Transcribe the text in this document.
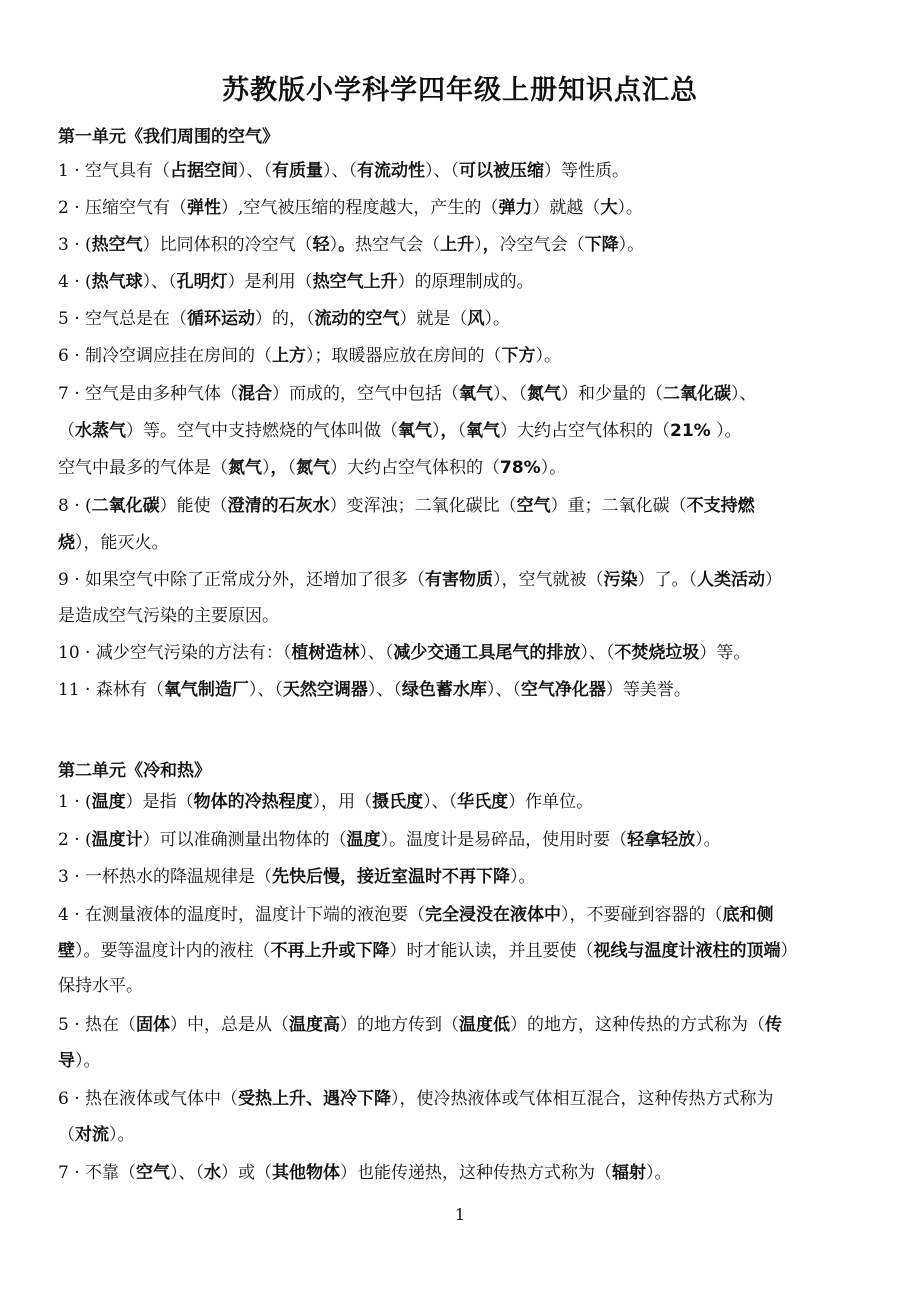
苏教版小学科学四年级上册知识点汇总
第一单元《我们周围的空气》
1 · 空气具有（占据空间）、（有质量）、（有流动性）、（可以被压缩）等性质。
2 · 压缩空气有（弹性）,空气被压缩的程度越大，产生的（弹力）就越（大）。
3 · (热空气）比同体积的冷空气（轻）。热空气会（上升），冷空气会（下降）。
4 · (热气球）、（孔明灯）是利用（热空气上升）的原理制成的。
5 · 空气总是在（循环运动）的，（流动的空气）就是（风）。
6 · 制冷空调应挂在房间的（上方）；取暖器应放在房间的（下方）。
7 · 空气是由多种气体（混合）而成的，空气中包括（氧气）、（氮气）和少量的（二氧化碳）、
（水蒸气）等。空气中支持燃烧的气体叫做（氧气），（氧气）大约占空气体积的（21% ）。
空气中最多的气体是（氮气），（氮气）大约占空气体积的（78%）。
8 · (二氧化碳）能使（澄清的石灰水）变浑浊；二氧化碳比（空气）重；二氧化碳（不支持燃
烧），能灭火。
9 · 如果空气中除了正常成分外，还增加了很多（有害物质），空气就被（污染）了。（人类活动）
是造成空气污染的主要原因。
10 · 减少空气污染的方法有：（植树造林）、（减少交通工具尾气的排放）、（不焚烧垃圾）等。
11 · 森林有（氧气制造厂）、（天然空调器）、（绿色蓄水库）、（空气净化器）等美誉。
第二单元《冷和热》
1 · (温度）是指（物体的冷热程度），用（摄氏度）、（华氏度）作单位。
2 · (温度计）可以准确测量出物体的（温度）。温度计是易碎品，使用时要（轻拿轻放）。
3 · 一杯热水的降温规律是（先快后慢，接近室温时不再下降）。
4 · 在测量液体的温度时，温度计下端的液泡要（完全浸没在液体中），不要碰到容器的（底和侧
壁）。要等温度计内的液柱（不再上升或下降）时才能认读，并且要使（视线与温度计液柱的顶端）
保持水平。
5 · 热在（固体）中，总是从（温度高）的地方传到（温度低）的地方，这种传热的方式称为（传
导）。
6 · 热在液体或气体中（受热上升、遇冷下降），使冷热液体或气体相互混合，这种传热方式称为
（对流）。
7 · 不靠（空气）、（水）或（其他物体）也能传递热，这种传热方式称为（辐射）。
1
